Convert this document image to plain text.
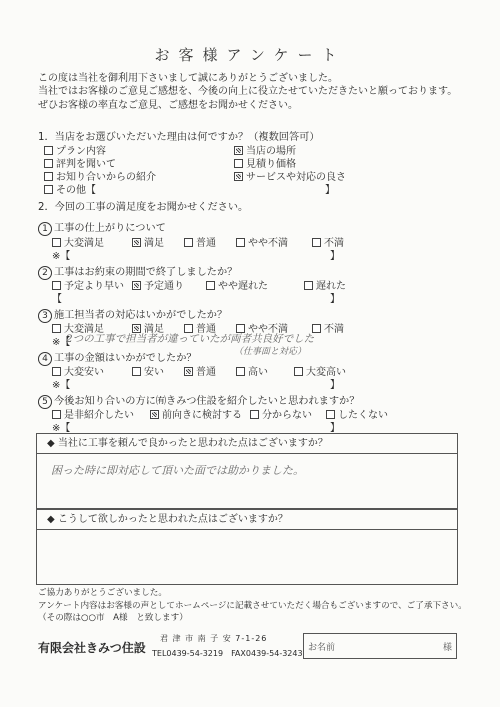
お客様アンケート
この度は当社を御利用下さいまして誠にありがとうございました。
当社ではお客様のご意見ご感想を、今後の向上に役立たせていただきたいと願っております。
ぜひお客様の率直なご意見、ご感想をお聞かせください。
1．当店をお選びいただいた理由は何ですか？（複数回答可）
プラン内容	当店の場所
評判を聞いて	見積り価格
お知り合いからの紹介	サービスや対応の良さ
その他【	】
2．今回の工事の満足度をお聞かせください。
1 工事の仕上がりについて
大変満足	満足	普通	やや不満	不満
※【	】
2 工事はお約束の期間で終了しましたか？
予定より早い 予定通り	やや遅れた	遅れた
【	】
3 施工担当者の対応はいかがでしたか？
大変満足	満足	普通	やや不満	不満
※【
2つの工事で担当者が違っていたが両者共良好でした
（仕事面と対応）
4 工事の金額はいかがでしたか？
大変安い	安い	普通	高い	大変高い
※【	】
5 今後お知り合いの方に㈲きみつ住設を紹介したいと思われますか？
是非紹介したい	前向きに検討する 分からない	したくない
※【	】
◆ 当社に工事を頼んで良かったと思われた点はございますか？
困った時に即対応して頂いた面では助かりました。
◆ こうして欲しかったと思われた点はございますか？
ご協力ありがとうございました。
アンケート内容はお客様の声としてホームページに記載させていただく場合もございますので、ご了承下さい。
（その際は○○市　A様　と致します）
有限会社きみつ住設
君 津 市 南 子 安 7-1-26
TEL0439-54-3219　FAX0439-54-3243
お名前	様
